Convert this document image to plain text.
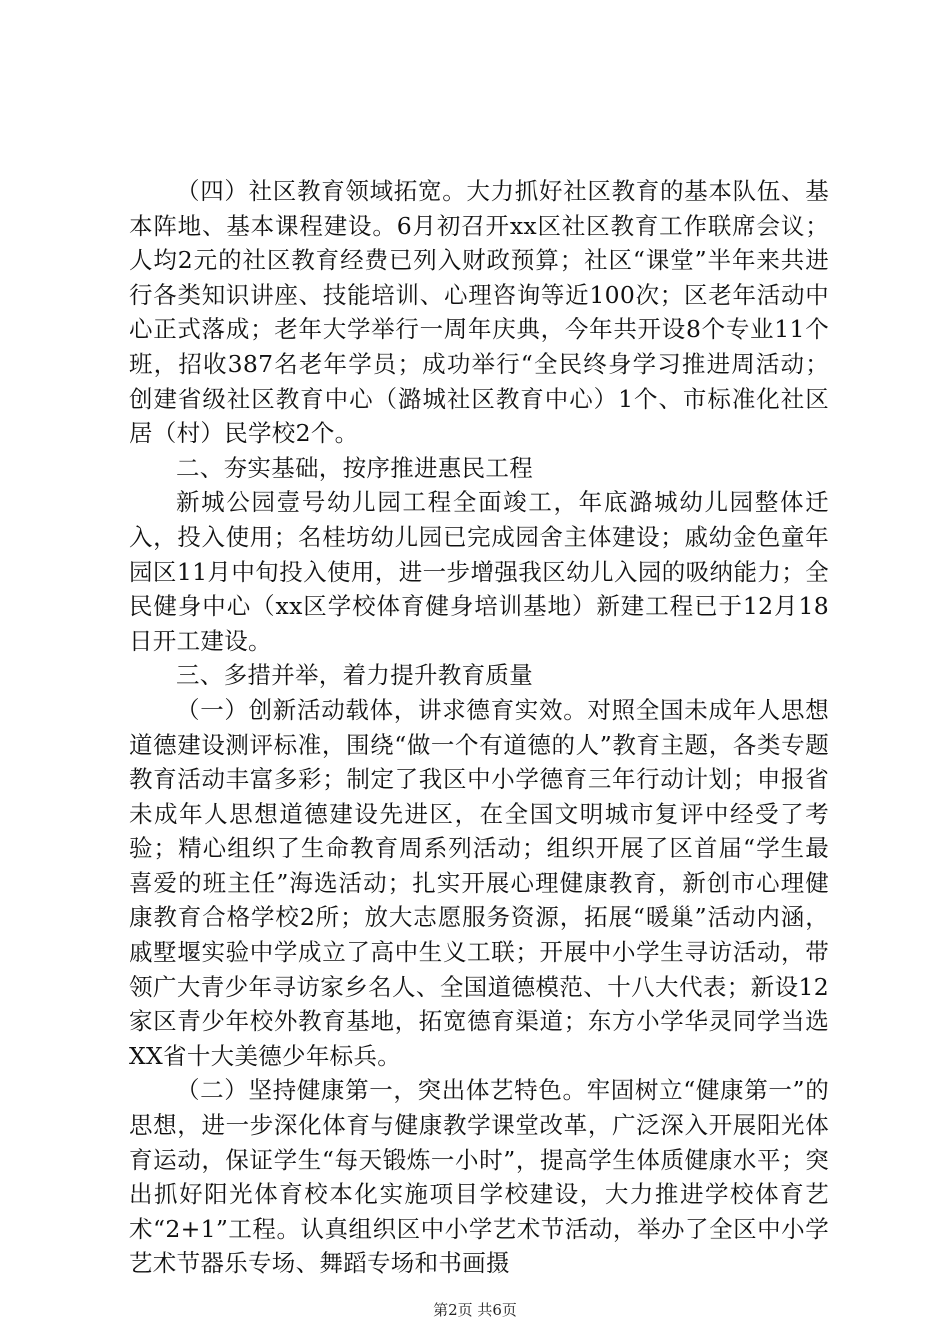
（四）社区教育领域拓宽。大力抓好社区教育的基本队伍、基本阵地、基本课程建设。6月初召开xx区社区教育工作联席会议；人均2元的社区教育经费已列入财政预算；社区“课堂”半年来共进行各类知识讲座、技能培训、心理咨询等近100次；区老年活动中心正式落成；老年大学举行一周年庆典，今年共开设8个专业11个班，招收387名老年学员；成功举行“全民终身学习推进周活动；创建省级社区教育中心（潞城社区教育中心）1个、市标准化社区居（村）民学校2个。

二、夯实基础，按序推进惠民工程

新城公园壹号幼儿园工程全面竣工，年底潞城幼儿园整体迁入，投入使用；名桂坊幼儿园已完成园舍主体建设；戚幼金色童年园区11月中旬投入使用，进一步增强我区幼儿入园的吸纳能力；全民健身中心（xx区学校体育健身培训基地）新建工程已于12月18日开工建设。

三、多措并举，着力提升教育质量

（一）创新活动载体，讲求德育实效。对照全国未成年人思想道德建设测评标准，围绕“做一个有道德的人”教育主题，各类专题教育活动丰富多彩；制定了我区中小学德育三年行动计划；申报省未成年人思想道德建设先进区，在全国文明城市复评中经受了考验；精心组织了生命教育周系列活动；组织开展了区首届“学生最喜爱的班主任”海选活动；扎实开展心理健康教育，新创市心理健康教育合格学校2所；放大志愿服务资源，拓展“暖巢”活动内涵，戚墅堰实验中学成立了高中生义工联；开展中小学生寻访活动，带领广大青少年寻访家乡名人、全国道德模范、十八大代表；新设12家区青少年校外教育基地，拓宽德育渠道；东方小学华灵同学当选XX省十大美德少年标兵。

（二）坚持健康第一，突出体艺特色。牢固树立“健康第一”的思想，进一步深化体育与健康教学课堂改革，广泛深入开展阳光体育运动，保证学生“每天锻炼一小时”，提高学生体质健康水平；突出抓好阳光体育校本化实施项目学校建设，大力推进学校体育艺术“2+1”工程。认真组织区中小学艺术节活动，举办了全区中小学艺术节器乐专场、舞蹈专场和书画摄

第2页 共6页
